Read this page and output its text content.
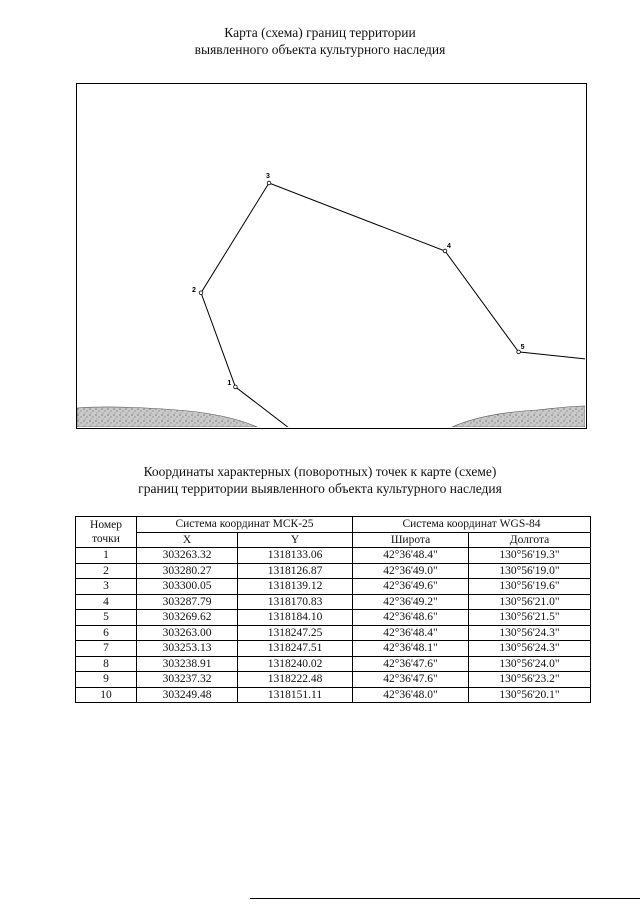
Карта (схема) границ территории
выявленного объекта культурного наследия
1
2
3
4
5
Координаты характерных (поворотных) точек к карте (схеме)
границ территории выявленного объекта культурного наследия
Номер
точки	Система координат МСК-25		Система координат WGS-84	
	X	Y	Широта	Долгота
1	303263.32	1318133.06	42°36'48.4"	130°56'19.3"
2	303280.27	1318126.87	42°36'49.0"	130°56'19.0"
3	303300.05	1318139.12	42°36'49.6"	130°56'19.6"
4	303287.79	1318170.83	42°36'49.2"	130°56'21.0"
5	303269.62	1318184.10	42°36'48.6"	130°56'21.5"
6	303263.00	1318247.25	42°36'48.4"	130°56'24.3"
7	303253.13	1318247.51	42°36'48.1"	130°56'24.3"
8	303238.91	1318240.02	42°36'47.6"	130°56'24.0"
9	303237.32	1318222.48	42°36'47.6"	130°56'23.2"
10	303249.48	1318151.11	42°36'48.0"	130°56'20.1"
